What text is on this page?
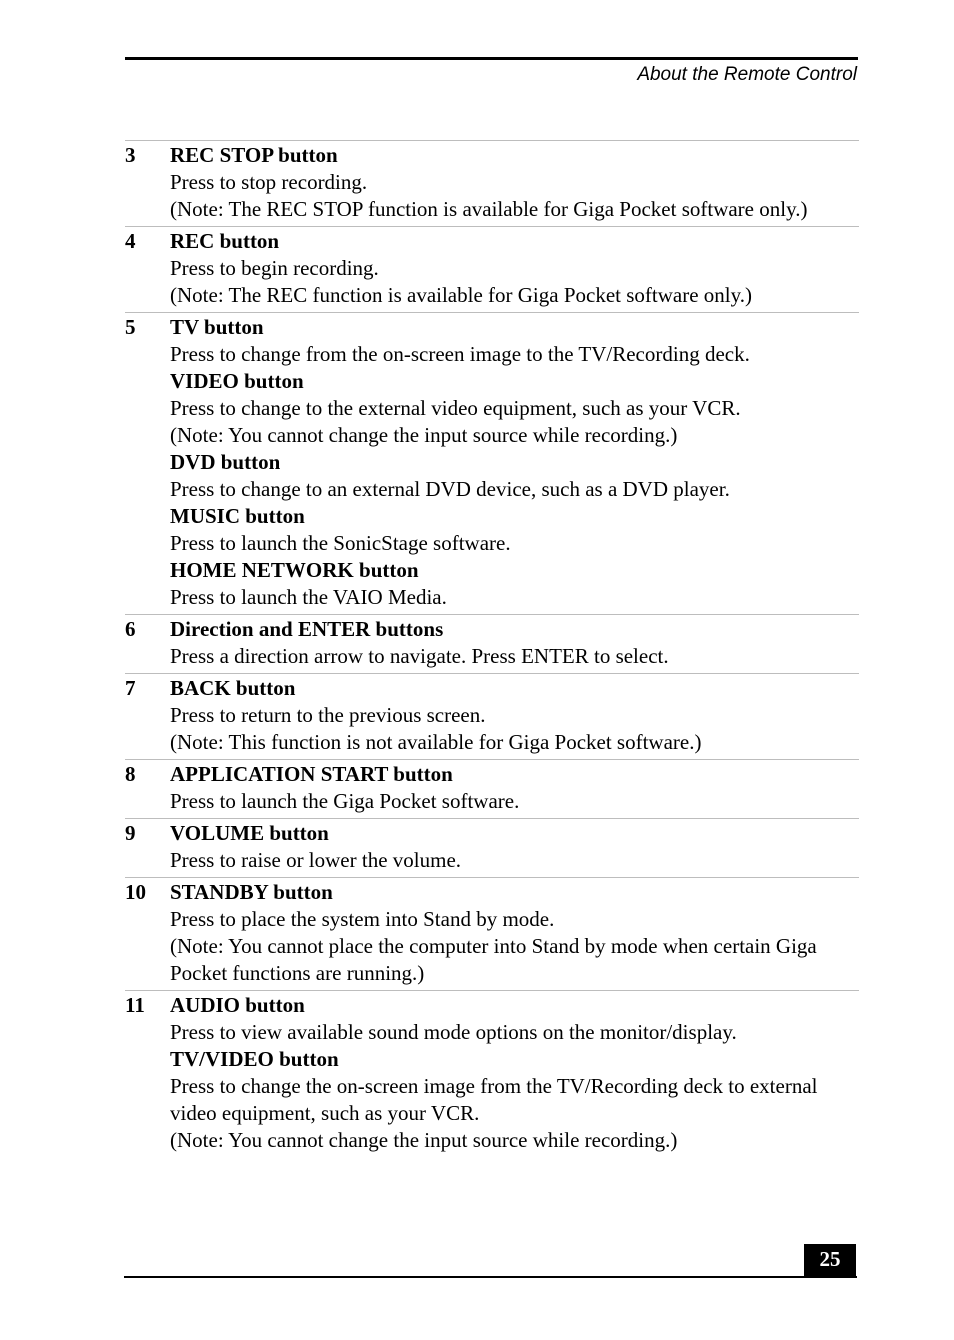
About the Remote Control
3	REC STOP button
Press to stop recording.
(Note: The REC STOP function is available for Giga Pocket software only.)
4	REC button
Press to begin recording.
(Note: The REC function is available for Giga Pocket software only.)
5	TV button
Press to change from the on-screen image to the TV/Recording deck.
VIDEO button
Press to change to the external video equipment, such as your VCR.
(Note: You cannot change the input source while recording.)
DVD button
Press to change to an external DVD device, such as a DVD player.
MUSIC button
Press to launch the SonicStage software.
HOME NETWORK button
Press to launch the VAIO Media.
6	Direction and ENTER buttons
Press a direction arrow to navigate. Press ENTER to select.
7	BACK button
Press to return to the previous screen.
(Note: This function is not available for Giga Pocket software.)
8	APPLICATION START button
Press to launch the Giga Pocket software.
9	VOLUME button
Press to raise or lower the volume.
10	STANDBY button
Press to place the system into Stand by mode.
(Note: You cannot place the computer into Stand by mode when certain Giga Pocket functions are running.)
11	AUDIO button
Press to view available sound mode options on the monitor/display.
TV/VIDEO button
Press to change the on-screen image from the TV/Recording deck to external video equipment, such as your VCR.
(Note: You cannot change the input source while recording.)
25
